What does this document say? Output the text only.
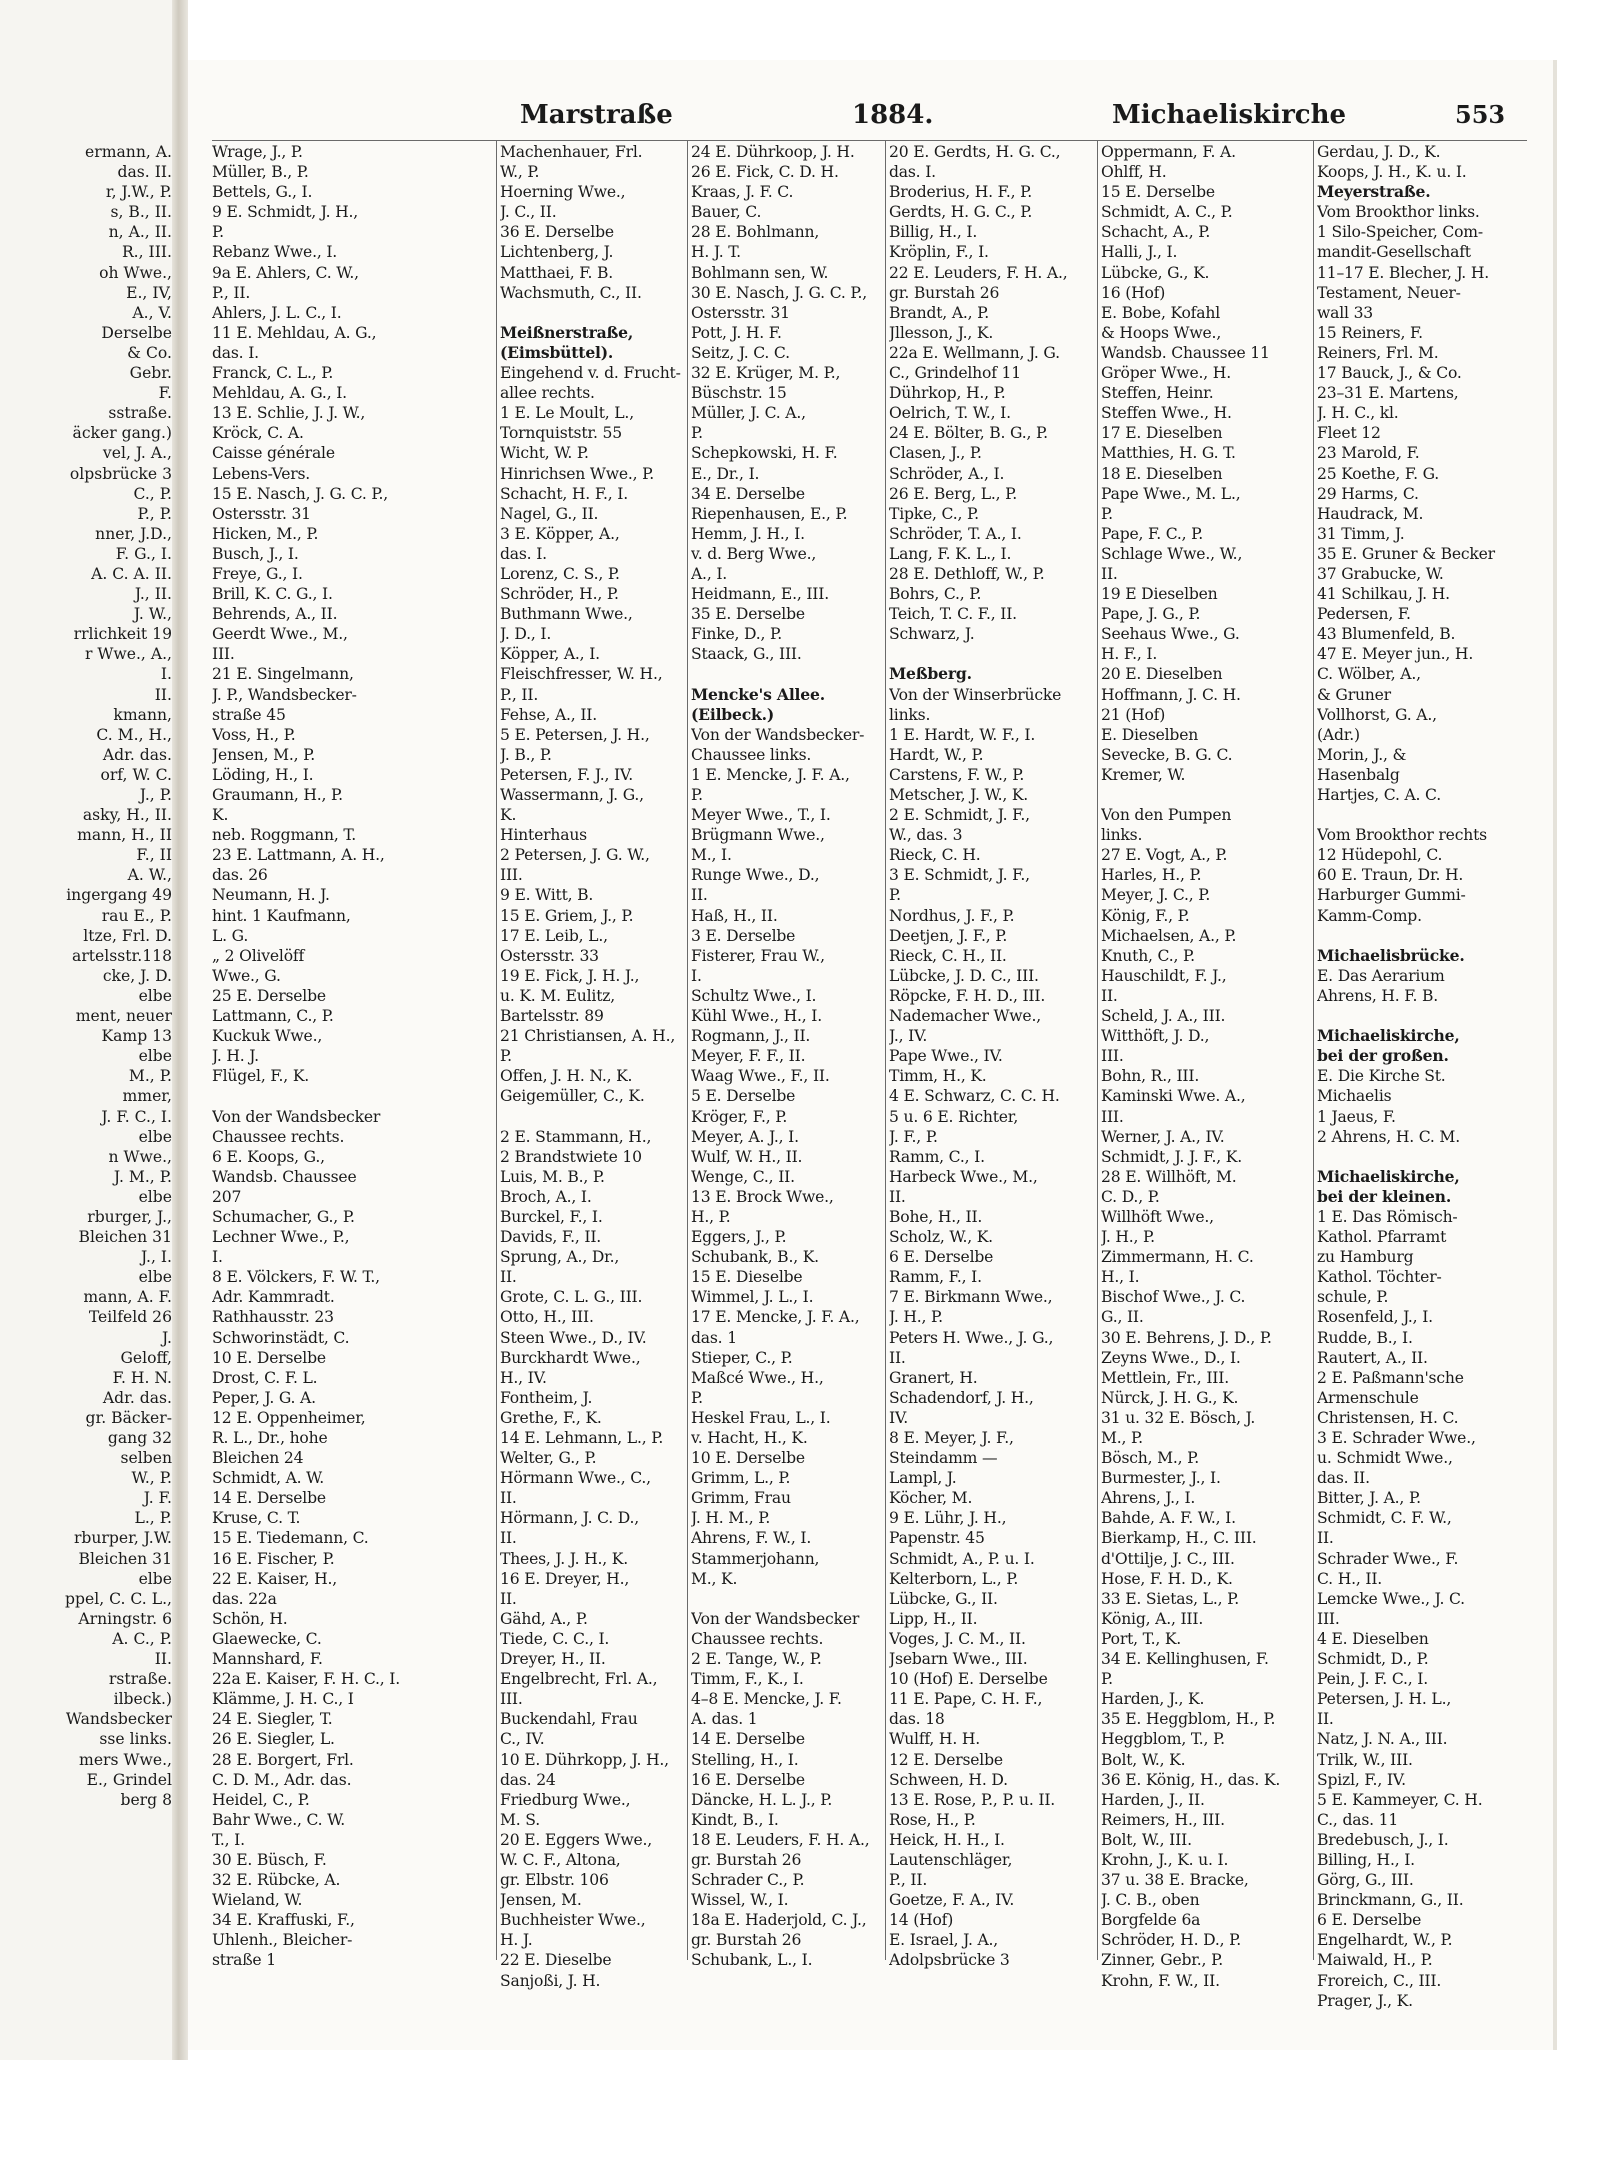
ermann, A.
das. II.
r, J.W., P.
s, B., II.
n, A., II.
R., III.
oh Wwe.,
E., IV,
A., V.
Derselbe
& Co.
Gebr.
F.
sstraße.
äcker gang.)
vel, J. A.,
olpsbrücke 3
C., P.
P., P.
nner, J.D.,
F. G., I.
A. C. A. II.
J., II.
J. W.,
rrlichkeit 19
r Wwe., A.,
I.
II.
kmann,
C. M., H.,
Adr. das.
orf, W. C.
J., P.
asky, H., II.
mann, H., II
F., II
A. W.,
ingergang 49
rau E., P.
ltze, Frl. D.
artelsstr.118
cke, J. D.
elbe
ment, neuer
Kamp 13
elbe
M., P.
mmer,
J. F. C., I.
elbe
n Wwe.,
J. M., P.
elbe
rburger, J.,
Bleichen 31
J., I.
elbe
mann, A. F.
Teilfeld 26
J.
Geloff,
F. H. N.
Adr. das.
gr. Bäcker-
gang 32
selben
W., P.
J. F.
L., P.
rburper, J.W.
Bleichen 31
elbe
ppel, C. C. L.,
Arningstr. 6
A. C., P.
II.
rstraße.
ilbeck.)
Wandsbecker
sse links.
mers Wwe.,
E., Grindel
berg 8
Marstraße	1884.	Michaeliskirche	553
Wrage, J., P.
Müller, B., P.
Bettels, G., I.
9 E. Schmidt, J. H.,
P.
Rebanz Wwe., I.
9a E. Ahlers, C. W.,
P., II.
Ahlers, J. L. C., I.
11 E. Mehldau, A. G.,
das. I.
Franck, C. L., P.
Mehldau, A. G., I.
13 E. Schlie, J. J. W.,
Kröck, C. A.
Caisse générale
Lebens-Vers.
15 E. Nasch, J. G. C. P.,
Ostersstr. 31
Hicken, M., P.
Busch, J., I.
Freye, G., I.
Brill, K. C. G., I.
Behrends, A., II.
Geerdt Wwe., M.,
III.
21 E. Singelmann,
J. P., Wandsbecker-
straße 45
Voss, H., P.
Jensen, M., P.
Löding, H., I.
Graumann, H., P.
K.
neb. Roggmann, T.
23 E. Lattmann, A. H.,
das. 26
Neumann, H. J.
hint. 1 Kaufmann,
L. G.
„ 2 Olivelöff
Wwe., G.
25 E. Derselbe
Lattmann, C., P.
Kuckuk Wwe.,
J. H. J.
Flügel, F., K.
Von der Wandsbecker
Chaussee rechts.
6 E. Koops, G.,
Wandsb. Chaussee
207
Schumacher, G., P.
Lechner Wwe., P.,
I.
8 E. Völckers, F. W. T.,
Adr. Kammradt.
Rathhausstr. 23
Schworinstädt, C.
10 E. Derselbe
Drost, C. F. L.
Peper, J. G. A.
12 E. Oppenheimer,
R. L., Dr., hohe
Bleichen 24
Schmidt, A. W.
14 E. Derselbe
Kruse, C. T.
15 E. Tiedemann, C.
16 E. Fischer, P.
22 E. Kaiser, H.,
das. 22a
Schön, H.
Glaewecke, C.
Mannshard, F.
22a E. Kaiser, F. H. C., I.
Klämme, J. H. C., I
24 E. Siegler, T.
26 E. Siegler, L.
28 E. Borgert, Frl.
C. D. M., Adr. das.
Heidel, C., P.
Bahr Wwe., C. W.
T., I.
30 E. Büsch, F.
32 E. Rübcke, A.
Wieland, W.
34 E. Kraffuski, F.,
Uhlenh., Bleicher-
straße 1
Machenhauer, Frl.
W., P.
Hoerning Wwe.,
J. C., II.
36 E. Derselbe
Lichtenberg, J.
Matthaei, F. B.
Wachsmuth, C., II.
Meißnerstraße,
(Eimsbüttel).
Eingehend v. d. Frucht-
allee rechts.
1 E. Le Moult, L.,
Tornquiststr. 55
Wicht, W. P.
Hinrichsen Wwe., P.
Schacht, H. F., I.
Nagel, G., II.
3 E. Köpper, A.,
das. I.
Lorenz, C. S., P.
Schröder, H., P.
Buthmann Wwe.,
J. D., I.
Köpper, A., I.
Fleischfresser, W. H.,
P., II.
Fehse, A., II.
5 E. Petersen, J. H.,
J. B., P.
Petersen, F. J., IV.
Wassermann, J. G.,
K.
Hinterhaus
2 Petersen, J. G. W.,
III.
9 E. Witt, B.
15 E. Griem, J., P.
17 E. Leib, L.,
Ostersstr. 33
19 E. Fick, J. H. J.,
u. K. M. Eulitz,
Bartelsstr. 89
21 Christiansen, A. H.,
P.
Offen, J. H. N., K.
Geigemüller, C., K.
2 E. Stammann, H.,
2 Brandstwiete 10
Luis, M. B., P.
Broch, A., I.
Burckel, F., I.
Davids, F., II.
Sprung, A., Dr.,
II.
Grote, C. L. G., III.
Otto, H., III.
Steen Wwe., D., IV.
Burckhardt Wwe.,
H., IV.
Fontheim, J.
Grethe, F., K.
14 E. Lehmann, L., P.
Welter, G., P.
Hörmann Wwe., C.,
II.
Hörmann, J. C. D.,
II.
Thees, J. J. H., K.
16 E. Dreyer, H.,
II.
Gähd, A., P.
Tiede, C. C., I.
Dreyer, H., II.
Engelbrecht, Frl. A.,
III.
Buckendahl, Frau
C., IV.
10 E. Dührkopp, J. H.,
das. 24
Friedburg Wwe.,
M. S.
20 E. Eggers Wwe.,
W. C. F., Altona,
gr. Elbstr. 106
Jensen, M.
Buchheister Wwe.,
H. J.
22 E. Dieselbe
Sanjoßi, J. H.
24 E. Dührkoop, J. H.
26 E. Fick, C. D. H.
Kraas, J. F. C.
Bauer, C.
28 E. Bohlmann,
H. J. T.
Bohlmann sen, W.
30 E. Nasch, J. G. C. P.,
Ostersstr. 31
Pott, J. H. F.
Seitz, J. C. C.
32 E. Krüger, M. P.,
Büschstr. 15
Müller, J. C. A.,
P.
Schepkowski, H. F.
E., Dr., I.
34 E. Derselbe
Riepenhausen, E., P.
Hemm, J. H., I.
v. d. Berg Wwe.,
A., I.
Heidmann, E., III.
35 E. Derselbe
Finke, D., P.
Staack, G., III.
Mencke's Allee.
(Eilbeck.)
Von der Wandsbecker-
Chaussee links.
1 E. Mencke, J. F. A.,
P.
Meyer Wwe., T., I.
Brügmann Wwe.,
M., I.
Runge Wwe., D.,
II.
Haß, H., II.
3 E. Derselbe
Fisterer, Frau W.,
I.
Schultz Wwe., I.
Kühl Wwe., H., I.
Rogmann, J., II.
Meyer, F. F., II.
Waag Wwe., F., II.
5 E. Derselbe
Kröger, F., P.
Meyer, A. J., I.
Wulf, W. H., II.
Wenge, C., II.
13 E. Brock Wwe.,
H., P.
Eggers, J., P.
Schubank, B., K.
15 E. Dieselbe
Wimmel, J. L., I.
17 E. Mencke, J. F. A.,
das. 1
Stieper, C., P.
Maßcé Wwe., H.,
P.
Heskel Frau, L., I.
v. Hacht, H., K.
10 E. Derselbe
Grimm, L., P.
Grimm, Frau
J. H. M., P.
Ahrens, F. W., I.
Stammerjohann,
M., K.
Von der Wandsbecker
Chaussee rechts.
2 E. Tange, W., P.
Timm, F., K., I.
4–8 E. Mencke, J. F.
A. das. 1
14 E. Derselbe
Stelling, H., I.
16 E. Derselbe
Däncke, H. L. J., P.
Kindt, B., I.
18 E. Leuders, F. H. A.,
gr. Burstah 26
Schrader C., P.
Wissel, W., I.
18a E. Haderjold, C. J.,
gr. Burstah 26
Schubank, L., I.
20 E. Gerdts, H. G. C.,
das. I.
Broderius, H. F., P.
Gerdts, H. G. C., P.
Billig, H., I.
Kröplin, F., I.
22 E. Leuders, F. H. A.,
gr. Burstah 26
Brandt, A., P.
Jllesson, J., K.
22a E. Wellmann, J. G.
C., Grindelhof 11
Dührkop, H., P.
Oelrich, T. W., I.
24 E. Bölter, B. G., P.
Clasen, J., P.
Schröder, A., I.
26 E. Berg, L., P.
Tipke, C., P.
Schröder, T. A., I.
Lang, F. K. L., I.
28 E. Dethloff, W., P.
Bohrs, C., P.
Teich, T. C. F., II.
Schwarz, J.
Meßberg.
Von der Winserbrücke
links.
1 E. Hardt, W. F., I.
Hardt, W., P.
Carstens, F. W., P.
Metscher, J. W., K.
2 E. Schmidt, J. F.,
W., das. 3
Rieck, C. H.
3 E. Schmidt, J. F.,
P.
Nordhus, J. F., P.
Deetjen, J. F., P.
Rieck, C. H., II.
Lübcke, J. D. C., III.
Röpcke, F. H. D., III.
Nademacher Wwe.,
J., IV.
Pape Wwe., IV.
Timm, H., K.
4 E. Schwarz, C. C. H.
5 u. 6 E. Richter,
J. F., P.
Ramm, C., I.
Harbeck Wwe., M.,
II.
Bohe, H., II.
Scholz, W., K.
6 E. Derselbe
Ramm, F., I.
7 E. Birkmann Wwe.,
J. H., P.
Peters H. Wwe., J. G.,
II.
Granert, H.
Schadendorf, J. H.,
IV.
8 E. Meyer, J. F.,
Steindamm —
Lampl, J.
Köcher, M.
9 E. Lühr, J. H.,
Papenstr. 45
Schmidt, A., P. u. I.
Kelterborn, L., P.
Lübcke, G., II.
Lipp, H., II.
Voges, J. C. M., II.
Jsebarn Wwe., III.
10 (Hof) E. Derselbe
11 E. Pape, C. H. F.,
das. 18
Wulff, H. H.
12 E. Derselbe
Schween, H. D.
13 E. Rose, P., P. u. II.
Rose, H., P.
Heick, H. H., I.
Lautenschläger,
P., II.
Goetze, F. A., IV.
14 (Hof)
E. Israel, J. A.,
Adolpsbrücke 3
Oppermann, F. A.
Ohlff, H.
15 E. Derselbe
Schmidt, A. C., P.
Schacht, A., P.
Halli, J., I.
Lübcke, G., K.
16 (Hof)
E. Bobe, Kofahl
& Hoops Wwe.,
Wandsb. Chaussee 11
Gröper Wwe., H.
Steffen, Heinr.
Steffen Wwe., H.
17 E. Dieselben
Matthies, H. G. T.
18 E. Dieselben
Pape Wwe., M. L.,
P.
Pape, F. C., P.
Schlage Wwe., W.,
II.
19 E Dieselben
Pape, J. G., P.
Seehaus Wwe., G.
H. F., I.
20 E. Dieselben
Hoffmann, J. C. H.
21 (Hof)
E. Dieselben
Sevecke, B. G. C.
Kremer, W.
Von den Pumpen
links.
27 E. Vogt, A., P.
Harles, H., P.
Meyer, J. C., P.
König, F., P.
Michaelsen, A., P.
Knuth, C., P.
Hauschildt, F. J.,
II.
Scheld, J. A., III.
Witthöft, J. D.,
III.
Bohn, R., III.
Kaminski Wwe. A.,
III.
Werner, J. A., IV.
Schmidt, J. J. F., K.
28 E. Willhöft, M.
C. D., P.
Willhöft Wwe.,
J. H., P.
Zimmermann, H. C.
H., I.
Bischof Wwe., J. C.
G., II.
30 E. Behrens, J. D., P.
Zeyns Wwe., D., I.
Mettlein, Fr., III.
Nürck, J. H. G., K.
31 u. 32 E. Bösch, J.
M., P.
Bösch, M., P.
Burmester, J., I.
Ahrens, J., I.
Bahde, A. F. W., I.
Bierkamp, H., C. III.
d'Ottilje, J. C., III.
Hose, F. H. D., K.
33 E. Sietas, L., P.
König, A., III.
Port, T., K.
34 E. Kellinghusen, F.
P.
Harden, J., K.
35 E. Heggblom, H., P.
Heggblom, T., P.
Bolt, W., K.
36 E. König, H., das. K.
Harden, J., II.
Reimers, H., III.
Bolt, W., III.
Krohn, J., K. u. I.
37 u. 38 E. Bracke,
J. C. B., oben
Borgfelde 6a
Schröder, H. D., P.
Zinner, Gebr., P.
Krohn, F. W., II.
Gerdau, J. D., K.
Koops, J. H., K. u. I.
Meyerstraße.
Vom Brookthor links.
1 Silo-Speicher, Com-
mandit-Gesellschaft
11–17 E. Blecher, J. H.
Testament, Neuer-
wall 33
15 Reiners, F.
Reiners, Frl. M.
17 Bauck, J., & Co.
23–31 E. Martens,
J. H. C., kl.
Fleet 12
23 Marold, F.
25 Koethe, F. G.
29 Harms, C.
Haudrack, M.
31 Timm, J.
35 E. Gruner & Becker
37 Grabucke, W.
41 Schilkau, J. H.
Pedersen, F.
43 Blumenfeld, B.
47 E. Meyer jun., H.
C. Wölber, A.,
& Gruner
Vollhorst, G. A.,
(Adr.)
Morin, J., &
Hasenbalg
Hartjes, C. A. C.
Vom Brookthor rechts
12 Hüdepohl, C.
60 E. Traun, Dr. H.
Harburger Gummi-
Kamm-Comp.
Michaelisbrücke.
E. Das Aerarium
Ahrens, H. F. B.
Michaeliskirche,
bei der großen.
E. Die Kirche St.
Michaelis
1 Jaeus, F.
2 Ahrens, H. C. M.
Michaeliskirche,
bei der kleinen.
1 E. Das Römisch-
Kathol. Pfarramt
zu Hamburg
Kathol. Töchter-
schule, P.
Rosenfeld, J., I.
Rudde, B., I.
Rautert, A., II.
2 E. Paßmann'sche
Armenschule
Christensen, H. C.
3 E. Schrader Wwe.,
u. Schmidt Wwe.,
das. II.
Bitter, J. A., P.
Schmidt, C. F. W.,
II.
Schrader Wwe., F.
C. H., II.
Lemcke Wwe., J. C.
III.
4 E. Dieselben
Schmidt, D., P.
Pein, J. F. C., I.
Petersen, J. H. L.,
II.
Natz, J. N. A., III.
Trilk, W., III.
Spizl, F., IV.
5 E. Kammeyer, C. H.
C., das. 11
Bredebusch, J., I.
Billing, H., I.
Görg, G., III.
Brinckmann, G., II.
6 E. Derselbe
Engelhardt, W., P.
Maiwald, H., P.
Froreich, C., III.
Prager, J., K.
